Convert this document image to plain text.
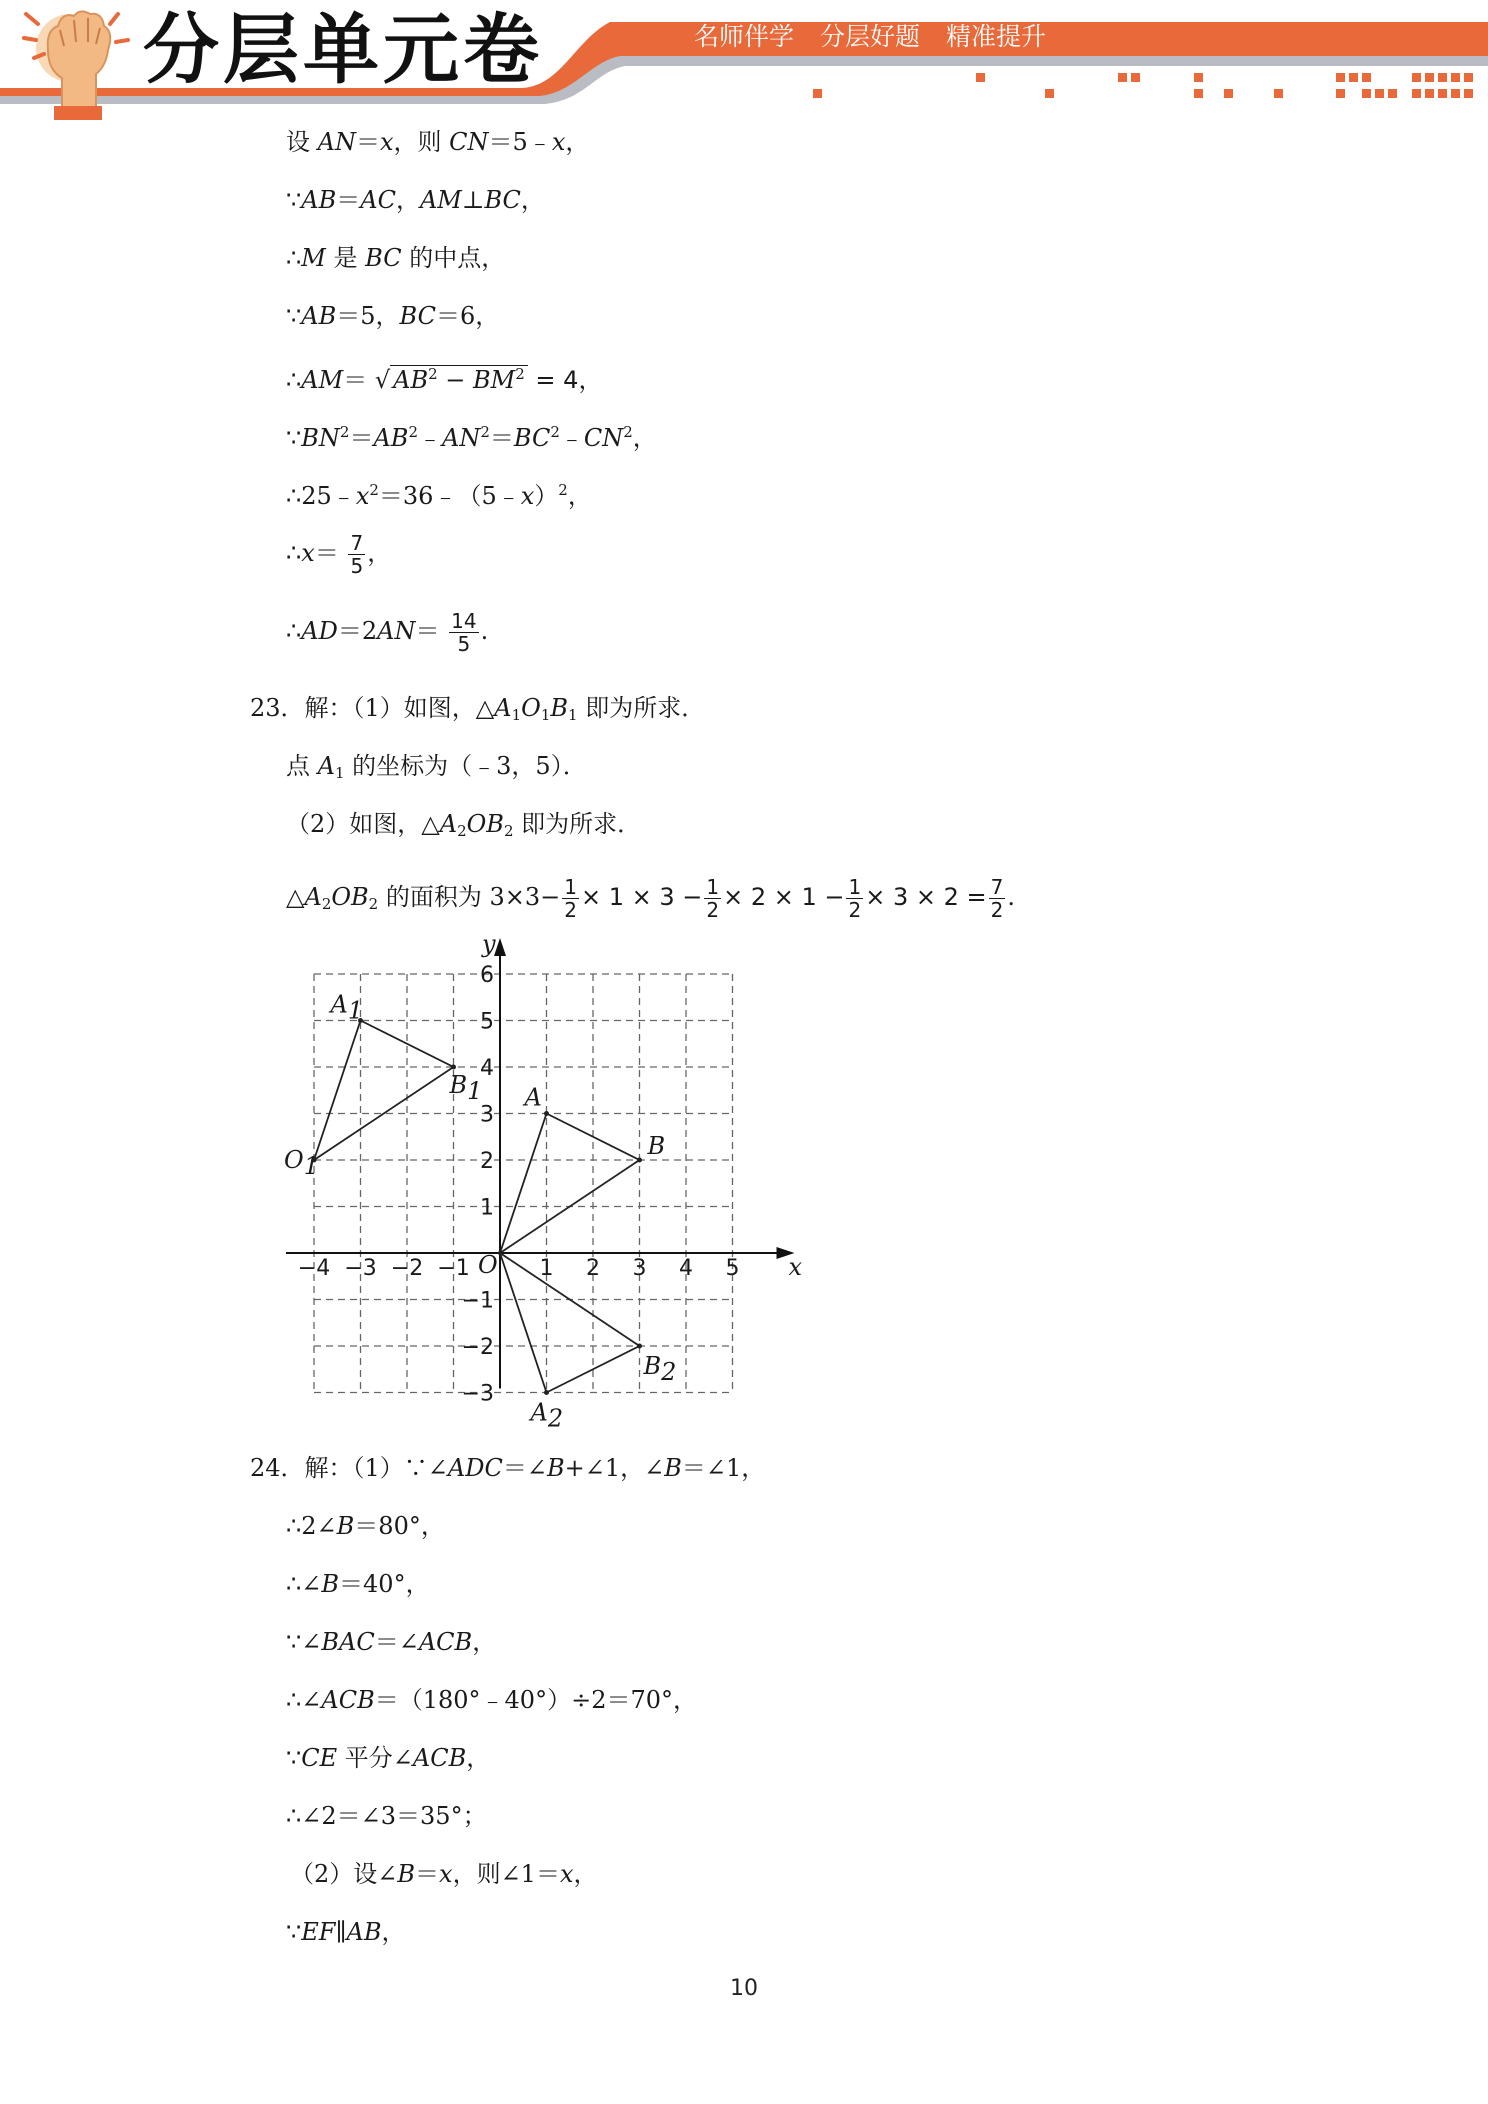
分层单元卷	名师伴学 分层好题 精准提升
设 AN＝x，则 CN＝5﹣x，
∵AB＝AC，AM⊥BC，
∴M 是 BC 的中点，
∵AB＝5，BC＝6，
∴AM＝ √ $AB^2 - BM^2 = 4$，
$\because BN^2=AB^2﹣AN^2=BC^2﹣CN^2$，
$\therefore 25﹣x^2=36﹣(5﹣x)^2$，
∴x＝ $\frac{7}{5}$ ，
∴AD＝2AN＝ $\frac{14}{5}$ .
23．解：（1）如图，$\triangle A_1O_1B_1$ 即为所求．
点 $A_1$ 的坐标为（﹣3，5）．
（2）如图，$\triangle A_2OB_2$ 即为所求．
$\triangle A_2OB_2$ 的面积为 $3\times 3- \frac{1}{2} \times 1 \times 3 - \frac{1}{2} \times 2 \times 1 - \frac{1}{2} \times 3 \times 2 = \frac{7}{2}$ .
−4 −3 −2 −1	1 2 3 4 5
−3
−2
−1
1
2
3
4
5
6
A
B
A1
B1
O1
A2
B2
x
y
O
24．解：（1）∵∠ADC＝∠B+∠1，∠B＝∠1，
∴2∠B＝80°，
∴∠B＝40°，
∵∠BAC＝∠ACB，
∴∠ACB＝（180°﹣40°）÷2＝70°，
∵CE 平分∠ACB，
∴∠2＝∠3＝35°；
（2）设∠B＝x，则∠1＝x，
∵EF∥AB，
10
